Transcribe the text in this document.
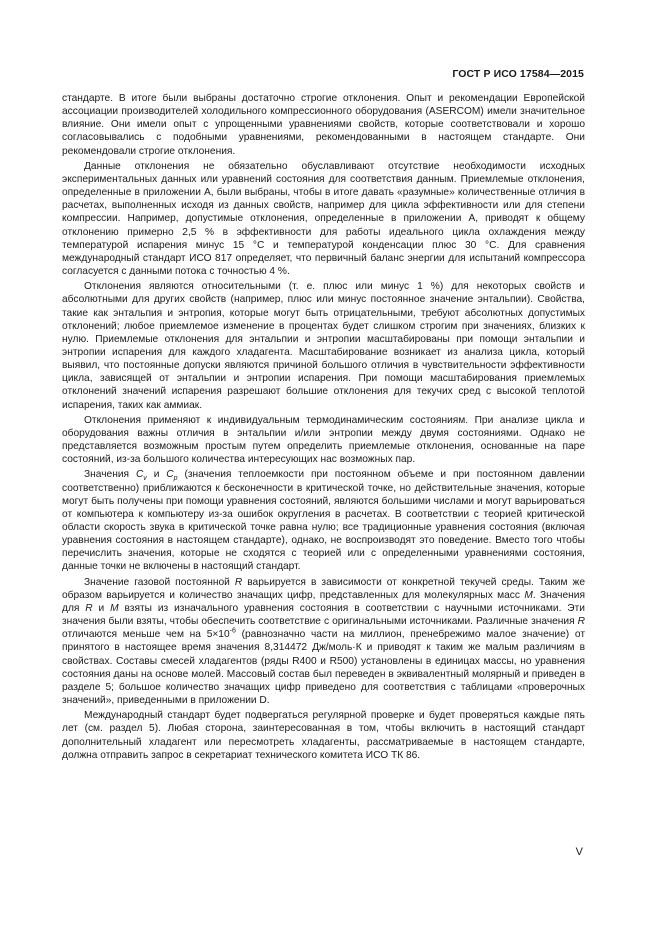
ГОСТ Р ИСО 17584—2015

стандарте. В итоге были выбраны достаточно строгие отклонения. Опыт и рекомендации Европейской ассоциации производителей холодильного компрессионного оборудования (ASERCOM) имели значительное влияние. Они имели опыт с упрощенными уравнениями свойств, которые соответствовали и хорошо согласовывались с подобными уравнениями, рекомендованными в настоящем стандарте. Они рекомендовали строгие отклонения.

Данные отклонения не обязательно обуславливают отсутствие необходимости исходных экспериментальных данных или уравнений состояния для соответствия данным. Приемлемые отклонения, определенные в приложении А, были выбраны, чтобы в итоге давать «разумные» количественные отличия в расчетах, выполненных исходя из данных свойств, например для цикла эффективности или для степени компрессии. Например, допустимые отклонения, определенные в приложении А, приводят к общему отклонению примерно 2,5 % в эффективности для работы идеального цикла охлаждения между температурой испарения минус 15 °С и температурой конденсации плюс 30 °С. Для сравнения международный стандарт ИСО 817 определяет, что первичный баланс энергии для испытаний компрессора согласуется с данными потока с точностью 4 %.

Отклонения являются относительными (т. е. плюс или минус 1 %) для некоторых свойств и абсолютными для других свойств (например, плюс или минус постоянное значение энтальпии). Свойства, такие как энтальпия и энтропия, которые могут быть отрицательными, требуют абсолютных допустимых отклонений; любое приемлемое изменение в процентах будет слишком строгим при значениях, близких к нулю. Приемлемые отклонения для энтальпии и энтропии масштабированы при помощи энтальпии и энтропии испарения для каждого хладагента. Масштабирование возникает из анализа цикла, который выявил, что постоянные допуски являются причиной большого отличия в чувствительности эффективности цикла, зависящей от энтальпии и энтропии испарения. При помощи масштабирования приемлемых отклонений значений испарения разрешают большие отклонения для текучих сред с высокой теплотой испарения, таких как аммиак.

Отклонения применяют к индивидуальным термодинамическим состояниям. При анализе цикла и оборудования важны отличия в энтальпии и/или энтропии между двумя состояниями. Однако не представляется возможным простым путем определить приемлемые отклонения, основанные на паре состояний, из-за большого количества интересующих нас возможных пар.

Значения $C_v$ и $C_p$ (значения теплоемкости при постоянном объеме и при постоянном давлении соответственно) приближаются к бесконечности в критической точке, но действительные значения, которые могут быть получены при помощи уравнения состояний, являются большими числами и могут варьироваться от компьютера к компьютеру из-за ошибок округления в расчетах. В соответствии с теорией критической области скорость звука в критической точке равна нулю; все традиционные уравнения состояния (включая уравнения состояния в настоящем стандарте), однако, не воспроизводят это поведение. Вместо того чтобы перечислить значения, которые не сходятся с теорией или с определенными уравнениями состояния, данные точки не включены в настоящий стандарт.

Значение газовой постоянной R варьируется в зависимости от конкретной текучей среды. Таким же образом варьируется и количество значащих цифр, представленных для молекулярных масс M. Значения для R и M взяты из изначального уравнения состояния в соответствии с научными источниками. Эти значения были взяты, чтобы обеспечить соответствие с оригинальными источниками. Различные значения R отличаются меньше чем на $5\times 10^{-6}$ (равнозначно части на миллион, пренебрежимо малое значение) от принятого в настоящее время значения 8,314472 Дж/моль·К и приводят к таким же малым различиям в свойствах. Составы смесей хладагентов (ряды R400 и R500) установлены в единицах массы, но уравнения состояния даны на основе молей. Массовый состав был переведен в эквивалентный молярный и приведен в разделе 5; большое количество значащих цифр приведено для соответствия с таблицами «проверочных значений», приведенными в приложении D.

Международный стандарт будет подвергаться регулярной проверке и будет проверяться каждые пять лет (см. раздел 5). Любая сторона, заинтересованная в том, чтобы включить в настоящий стандарт дополнительный хладагент или пересмотреть хладагенты, рассматриваемые в настоящем стандарте, должна отправить запрос в секретариат технического комитета ИСО ТК 86.

V
